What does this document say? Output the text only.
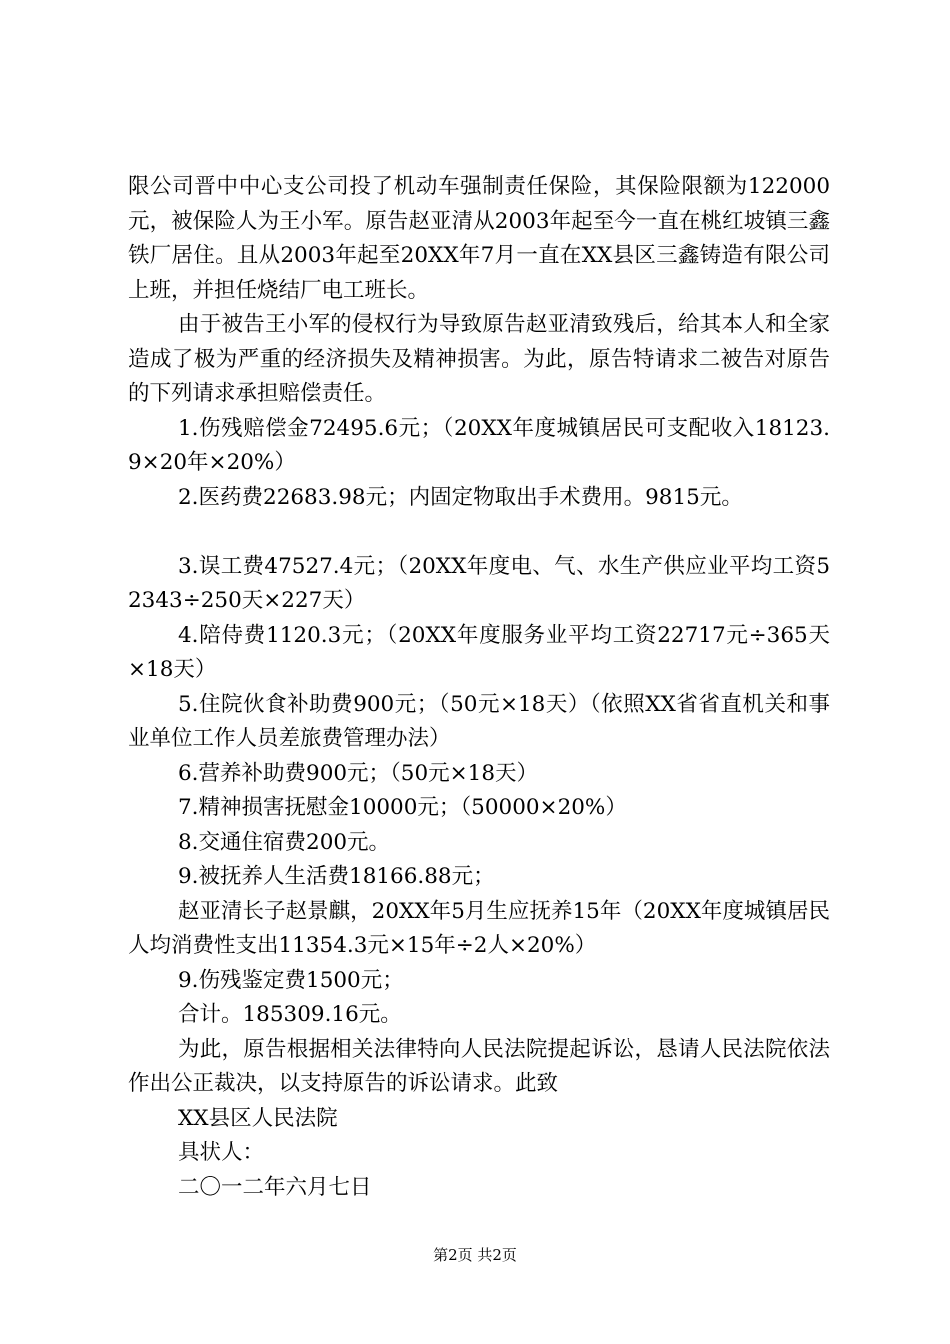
限公司晋中中心支公司投了机动车强制责任保险，其保险限额为122000元，被保险人为王小军。原告赵亚清从2003年起至今一直在桃红坡镇三鑫铁厂居住。且从2003年起至20XX年7月一直在XX县区三鑫铸造有限公司上班，并担任烧结厂电工班长。

由于被告王小军的侵权行为导致原告赵亚清致残后，给其本人和全家造成了极为严重的经济损失及精神损害。为此，原告特请求二被告对原告的下列请求承担赔偿责任。

1.伤残赔偿金72495.6元；（20XX年度城镇居民可支配收入18123.9×20年×20%）

2.医药费22683.98元；内固定物取出手术费用。9815元。

3.误工费47527.4元；（20XX年度电、气、水生产供应业平均工资52343÷250天×227天）

4.陪侍费1120.3元；（20XX年度服务业平均工资22717元÷365天×18天）

5.住院伙食补助费900元；（50元×18天）（依照XX省省直机关和事业单位工作人员差旅费管理办法）

6.营养补助费900元；（50元×18天）

7.精神损害抚慰金10000元；（50000×20%）

8.交通住宿费200元。

9.被抚养人生活费18166.88元；

赵亚清长子赵景麒，20XX年5月生应抚养15年（20XX年度城镇居民人均消费性支出11354.3元×15年÷2人×20%）

9.伤残鉴定费1500元；

合计。185309.16元。

为此，原告根据相关法律特向人民法院提起诉讼，恳请人民法院依法作出公正裁决，以支持原告的诉讼请求。此致

XX县区人民法院

具状人：

二〇一二年六月七日

第2页 共2页
